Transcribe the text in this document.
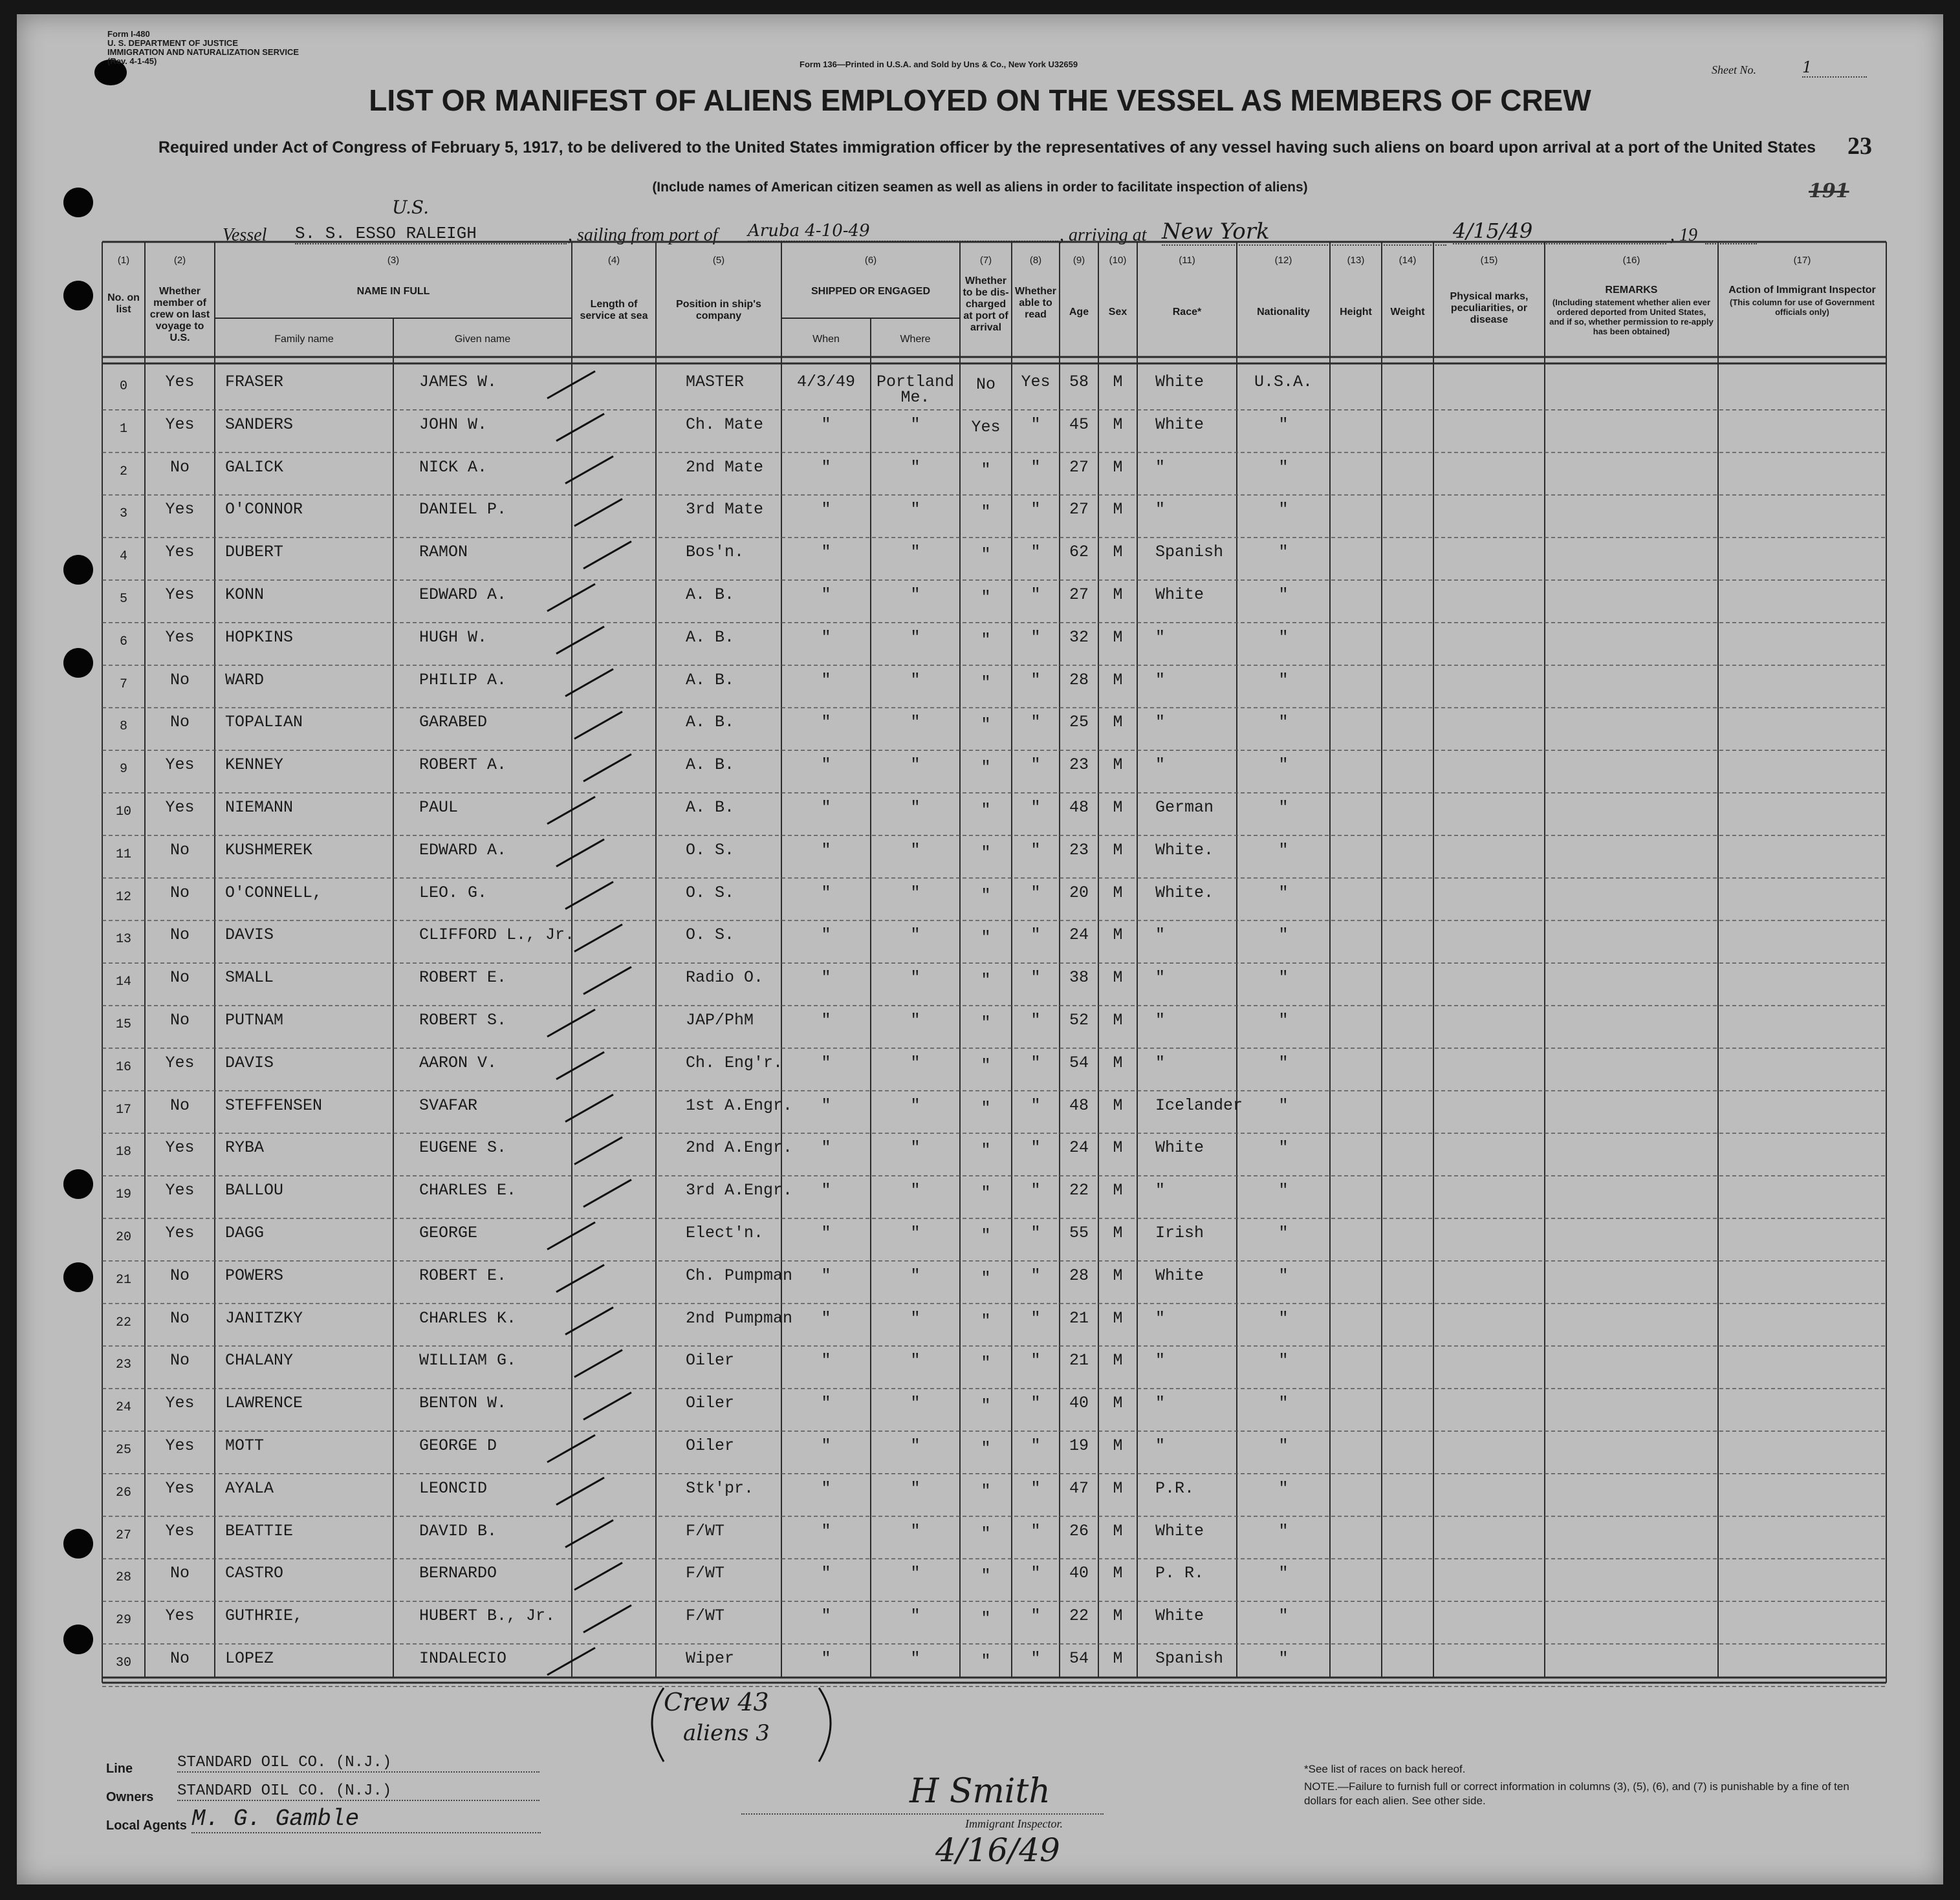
Form I-480
U. S. DEPARTMENT OF JUSTICE
IMMIGRATION AND NATURALIZATION SERVICE
(Rev. 4-1-45)	Form 136—Printed in U.S.A. and Sold by Uns & Co., New York U32659	Sheet No.	1
LIST OR MANIFEST OF ALIENS EMPLOYED ON THE VESSEL AS MEMBERS OF CREW
Required under Act of Congress of February 5, 1917, to be delivered to the United States immigration officer by the representatives of any vessel having such aliens on board upon arrival at a port of the United States
(Include names of American citizen seamen as well as aliens in order to facilitate inspection of aliens)
23
191
Vessel
U.S.
S. S. ESSO RALEIGH	, sailing from port of Aruba 4-10-49	, arriving at New York	4/15/49	, 19
(1)
No. on list
(2)
Whether member of crew on last voyage to U.S.
(3)
NAME IN FULL
Family name	Given name
(4)
Length of service at sea
(5)
Position in ship's company
(6)
SHIPPED OR ENGAGED
When	Where
(7)
Whether to be dis-charged at port of arrival
(8)
Whether able to read
(9)
Age
(10)
Sex
(11)
Race*
(12)
Nationality
(13)
Height
(14)
Weight
(15)
Physical marks, peculiarities, or disease
(16)
REMARKS
(Including statement whether alien ever ordered deported from United States, and if so, whether permission to re-apply has been obtained)
(17)
Action of Immigrant Inspector
(This column for use of Government officials only)
0	Yes	FRASER	JAMES W.	MASTER	4/3/49	Portland	No	Yes	58	M	White	U.S.A.
Me.
1	Yes	SANDERS	JOHN W.	Ch. Mate	"	"	Yes	"	45	M	White	"
2	No	GALICK	NICK A.	2nd Mate	"	"	"	"	27	M	"	"
3	Yes	O'CONNOR	DANIEL P.	3rd Mate	"	"	"	"	27	M	"	"
4	Yes	DUBERT	RAMON	Bos'n.	"	"	"	"	62	M	Spanish	"
5	Yes	KONN	EDWARD A.	A. B.	"	"	"	"	27	M	White	"
6	Yes	HOPKINS	HUGH W.	A. B.	"	"	"	"	32	M	"	"
7	No	WARD	PHILIP A.	A. B.	"	"	"	"	28	M	"	"
8	No	TOPALIAN	GARABED	A. B.	"	"	"	"	25	M	"	"
9	Yes	KENNEY	ROBERT A.	A. B.	"	"	"	"	23	M	"	"
10	Yes	NIEMANN	PAUL	A. B.	"	"	"	"	48	M	German	"
11	No	KUSHMEREK	EDWARD A.	O. S.	"	"	"	"	23	M	White.	"
12	No	O'CONNELL,	LEO. G.	O. S.	"	"	"	"	20	M	White.	"
13	No	DAVIS	CLIFFORD L., Jr.	O. S.	"	"	"	"	24	M	"	"
14	No	SMALL	ROBERT E.	Radio O.	"	"	"	"	38	M	"	"
15	No	PUTNAM	ROBERT S.	JAP/PhM	"	"	"	"	52	M	"	"
16	Yes	DAVIS	AARON V.	Ch. Eng'r.	"	"	"	"	54	M	"	"
17	No	STEFFENSEN	SVAFAR	1st A.Engr.	"	"	"	"	48	M	Icelander	"
18	Yes	RYBA	EUGENE S.	2nd A.Engr.	"	"	"	"	24	M	White	"
19	Yes	BALLOU	CHARLES E.	3rd A.Engr.	"	"	"	"	22	M	"	"
20	Yes	DAGG	GEORGE	Elect'n.	"	"	"	"	55	M	Irish	"
21	No	POWERS	ROBERT E.	Ch. Pumpman	"	"	"	"	28	M	White	"
22	No	JANITZKY	CHARLES K.	2nd Pumpman	"	"	"	"	21	M	"	"
23	No	CHALANY	WILLIAM G.	Oiler	"	"	"	"	21	M	"	"
24	Yes	LAWRENCE	BENTON W.	Oiler	"	"	"	"	40	M	"	"
25	Yes	MOTT	GEORGE D	Oiler	"	"	"	"	19	M	"	"
26	Yes	AYALA	LEONCID	Stk'pr.	"	"	"	"	47	M	P.R.	"
27	Yes	BEATTIE	DAVID B.	F/WT	"	"	"	"	26	M	White	"
28	No	CASTRO	BERNARDO	F/WT	"	"	"	"	40	M	P. R.	"
29	Yes	GUTHRIE,	HUBERT B., Jr.	F/WT	"	"	"	"	22	M	White	"
30	No	LOPEZ	INDALECIO	Wiper	"	"	"	"	54	M	Spanish	"
Crew 43
aliens 3
Line	STANDARD OIL CO. (N.J.)
Owners STANDARD OIL CO. (N.J.)
Local Agents M. G. Gamble
H Smith
Immigrant Inspector.
4/16/49
*See list of races on back hereof.
NOTE.—Failure to furnish full or correct information in columns (3), (5), (6), and (7) is punishable by a fine of ten dollars for each alien. See other side.
